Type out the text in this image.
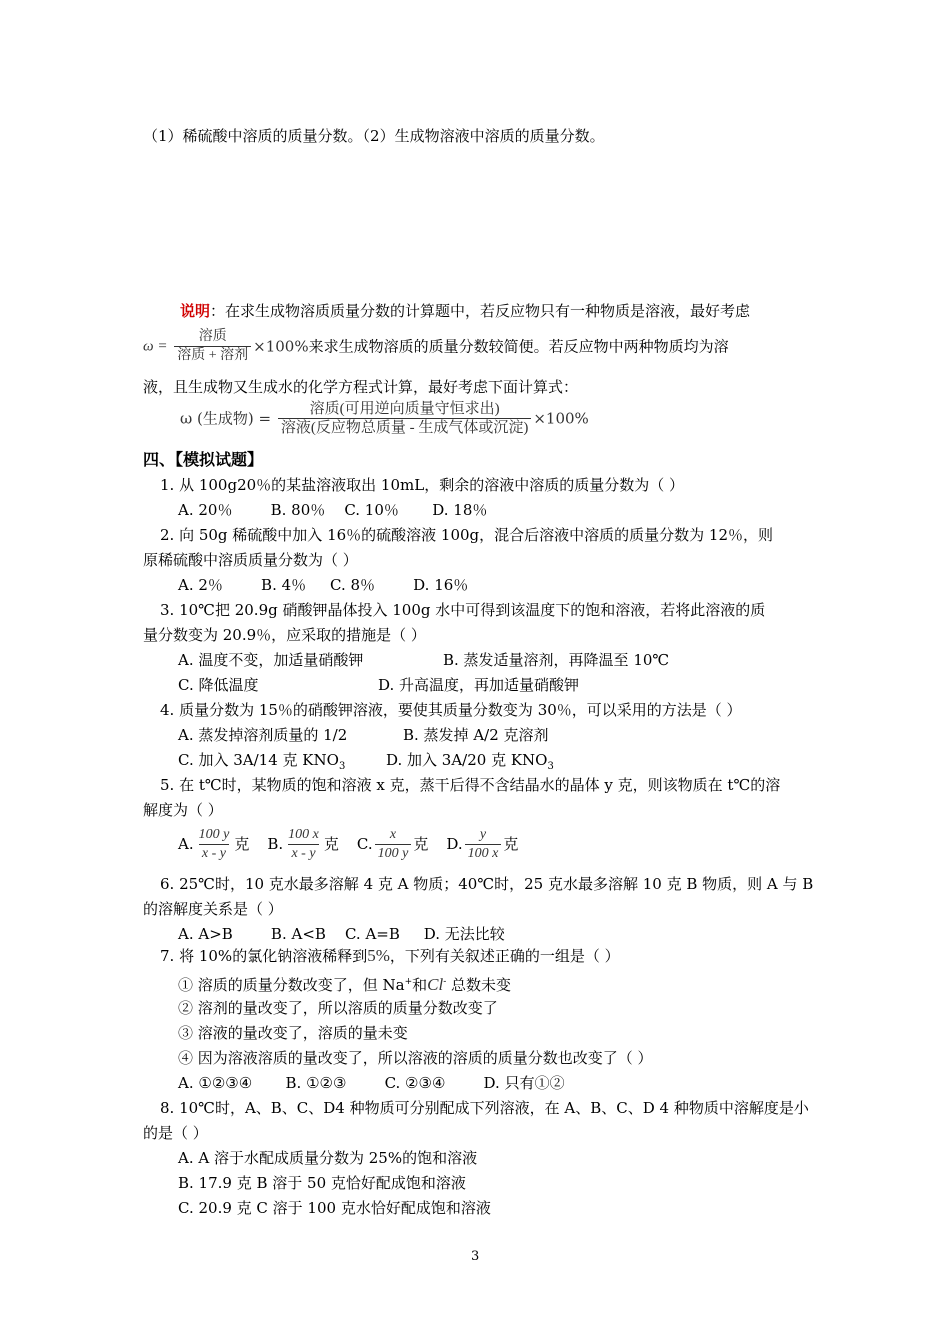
（1）稀硫酸中溶质的质量分数。（2）生成物溶液中溶质的质量分数。
说明：在求生成物溶质质量分数的计算题中，若反应物只有一种物质是溶液，最好考虑
$\omega = \frac{\text{溶质}}{\text{溶质 + 溶剂}} \times 100\%$来求生成物溶质的质量分数较简便。若反应物中两种物质均为溶
液，且生成物又生成水的化学方程式计算，最好考虑下面计算式：
ω (生成物) = $\frac{\text{溶质(可用逆向质量守恒求出)}}{\text{溶液(反应物总质量 - 生成气体或沉淀)}} \times 100\%$
四、【模拟试题】
1. 从 100g20％的某盐溶液取出 10mL，剩余的溶液中溶质的质量分数为（ ）
A. 20％        B. 80％    C. 10％       D. 18％
2. 向 50g 稀硫酸中加入 16％的硫酸溶液 100g，混合后溶液中溶质的质量分数为 12％，则
原稀硫酸中溶质质量分数为（ ）
A. 2％        B. 4％     C. 8％        D. 16％
3. 10℃把 20.9g 硝酸钾晶体投入 100g 水中可得到该温度下的饱和溶液，若将此溶液的质
量分数变为 20.9％，应采取的措施是（ ）
A. 温度不变，加适量硝酸钾	B. 蒸发适量溶剂，再降温至 10℃
C. 降低温度	D. 升高温度，再加适量硝酸钾
4. 质量分数为 15％的硝酸钾溶液，要使其质量分数变为 30％，可以采用的方法是（ ）
A. 蒸发掉溶剂质量的 1/2	B. 蒸发掉 A/2 克溶剂
C. 加入 3A/14 克 $KNO_3$	D. 加入 3A/20 克 $KNO_3$
5. 在 t℃时，某物质的饱和溶液 x 克，蒸干后得不含结晶水的晶体 y 克，则该物质在 t℃的溶
解度为（ ）
A. $\frac{100 y}{x - y}$ 克 B. $\frac{100 x}{x - y}$ 克 C. $\frac{x}{100 y}$ 克 D. $\frac{y}{100 x}$ 克
6. 25℃时，10 克水最多溶解 4 克 A 物质；40℃时，25 克水最多溶解 10 克 B 物质，则 A 与 B
的溶解度关系是（ ）
A. A>B        B. A<B    C. A=B     D. 无法比较
7. 将 10%的氯化钠溶液稀释到5%，下列有关叙述正确的一组是（ ）
① 溶质的质量分数改变了，但 Na+和Cl- 总数未变
② 溶剂的量改变了，所以溶质的质量分数改变了
③ 溶液的量改变了，溶质的量未变
④ 因为溶液溶质的量改变了，所以溶液的溶质的质量分数也改变了（ ）
A. ①②③④       B. ①②③        C. ②③④        D. 只有①②
8. 10℃时，A、B、C、D4 种物质可分别配成下列溶液，在 A、B、C、D 4 种物质中溶解度是小
的是（ ）
A. A 溶于水配成质量分数为 25%的饱和溶液
B. 17.9 克 B 溶于 50 克恰好配成饱和溶液
C. 20.9 克 C 溶于 100 克水恰好配成饱和溶液
3
